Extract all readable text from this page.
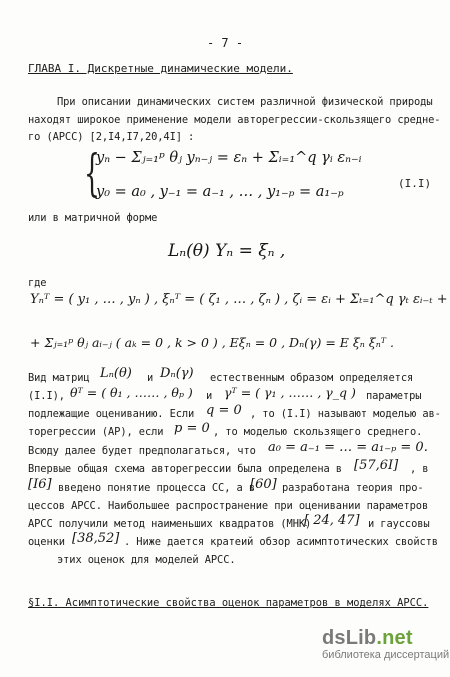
- 7 -
ГЛАВА I. Дискретные динамические модели.
При описании динамических систем различной физической природы
находят широкое применение модели авторегрессии-скользящего средне-
го (АРСС) [2,I4,I7,20,4I] :
{
yₙ − Σⱼ₌₁ᵖ θⱼ yₙ₋ⱼ = εₙ + Σᵢ₌₁^q γᵢ εₙ₋ᵢ
y₀ = a₀ , y₋₁ = a₋₁ , … , y₁₋ₚ = a₁₋ₚ
(I.I)
или в матричной форме
Lₙ(θ) Yₙ = ξₙ ,
где
Yₙᵀ = ( y₁ , … , yₙ ) , ξₙᵀ = ( ζ₁ , … , ζₙ ) , ζᵢ = εᵢ + Σₜ₌₁^q γₜ εᵢ₋ₜ +
+ Σⱼ₌₁ᵖ θⱼ aᵢ₋ⱼ ( aₖ = 0 , k > 0 ) , Eξₙ = 0 , Dₙ(γ) = E ξₙ ξₙᵀ .
Вид матриц Lₙ(θ) и Dₙ(γ) естественным образом определяется
(I.I), θᵀ = ( θ₁ , …… , θₚ ) и γᵀ = ( γ₁ , …… , γ_q ) параметры
подлежащие оцениванию. Если q = 0 , то (I.I) называют моделью ав-
торегрессии (АР), если p = 0 , то моделью скользящего среднего.
Всюду далее будет предполагаться, что a₀ = a₋₁ = … = a₁₋ₚ = 0.
Впервые общая схема авторегрессии была определена в [57,6I] , в
[I6] введено понятие процесса СС, а в
[60] разработана теория про-
цессов АРСС. Наибольшее распространение при оценивании параметров
АРСС получили метод наименьших квадратов (МНК)
[ 24, 47] и гауссовы
оценки [38,52] . Ниже дается кратеий обзор асимптотических свойств
этих оценок для моделей АРСС.
§I.I. Асимптотические свойства оценок параметров в моделях АРСС.
dsLib.net
библиотека диссертаций
